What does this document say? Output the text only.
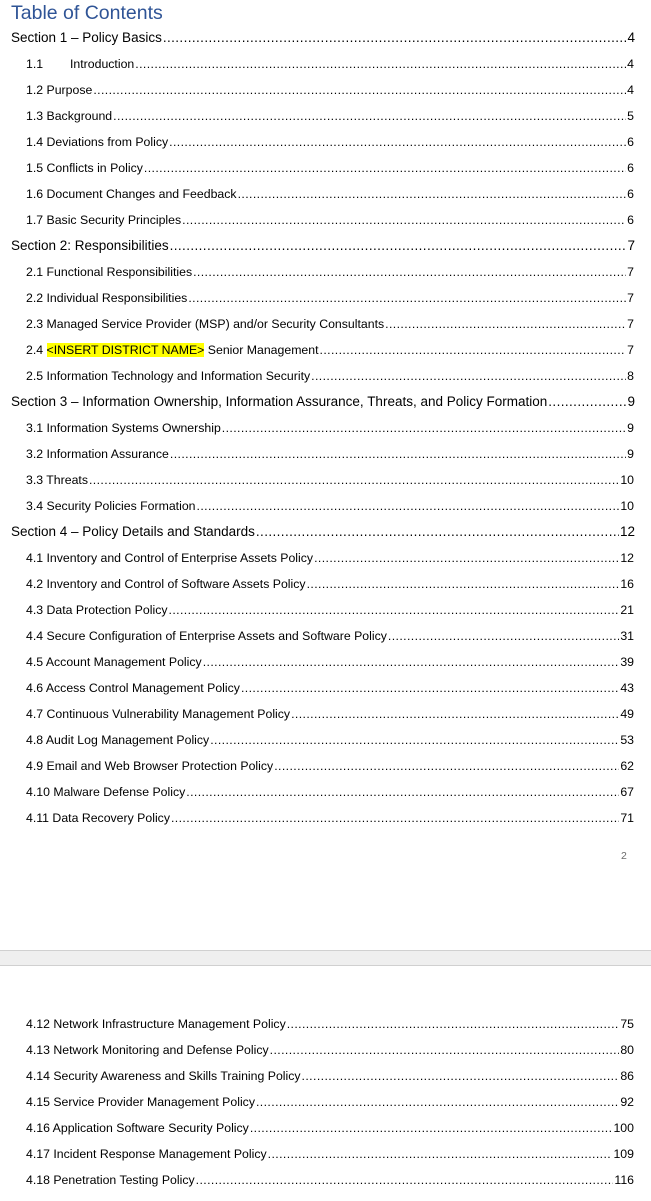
Table of Contents
Section 1 – Policy Basics .....	4
1.1 Introduction .....	4
1.2 Purpose .....	4
1.3 Background .....	5
1.4 Deviations from Policy .....	6
1.5 Conflicts in Policy .....	6
1.6 Document Changes and Feedback .....	6
1.7 Basic Security Principles .....	6
Section 2: Responsibilities .....	7
2.1 Functional Responsibilities .....	7
2.2 Individual Responsibilities .....	7
2.3 Managed Service Provider (MSP) and/or Security Consultants .....	7
2.4 <INSERT DISTRICT NAME> Senior Management .....	7
2.5 Information Technology and Information Security .....	8
Section 3 – Information Ownership, Information Assurance, Threats, and Policy Formation .....	9
3.1 Information Systems Ownership .....	9
3.2 Information Assurance .....	9
3.3 Threats .....	10
3.4 Security Policies Formation .....	10
Section 4 – Policy Details and Standards .....	12
4.1 Inventory and Control of Enterprise Assets Policy .....	12
4.2 Inventory and Control of Software Assets Policy .....	16
4.3 Data Protection Policy .....	21
4.4 Secure Configuration of Enterprise Assets and Software Policy .....	31
4.5 Account Management Policy .....	39
4.6 Access Control Management Policy .....	43
4.7 Continuous Vulnerability Management Policy .....	49
4.8 Audit Log Management Policy .....	53
4.9 Email and Web Browser Protection Policy .....	62
4.10 Malware Defense Policy .....	67
4.11 Data Recovery Policy .....	71
2
4.12 Network Infrastructure Management Policy .....	75
4.13 Network Monitoring and Defense Policy .....	80
4.14 Security Awareness and Skills Training Policy .....	86
4.15 Service Provider Management Policy .....	92
4.16 Application Software Security Policy .....	100
4.17 Incident Response Management Policy .....	109
4.18 Penetration Testing Policy .....	116
